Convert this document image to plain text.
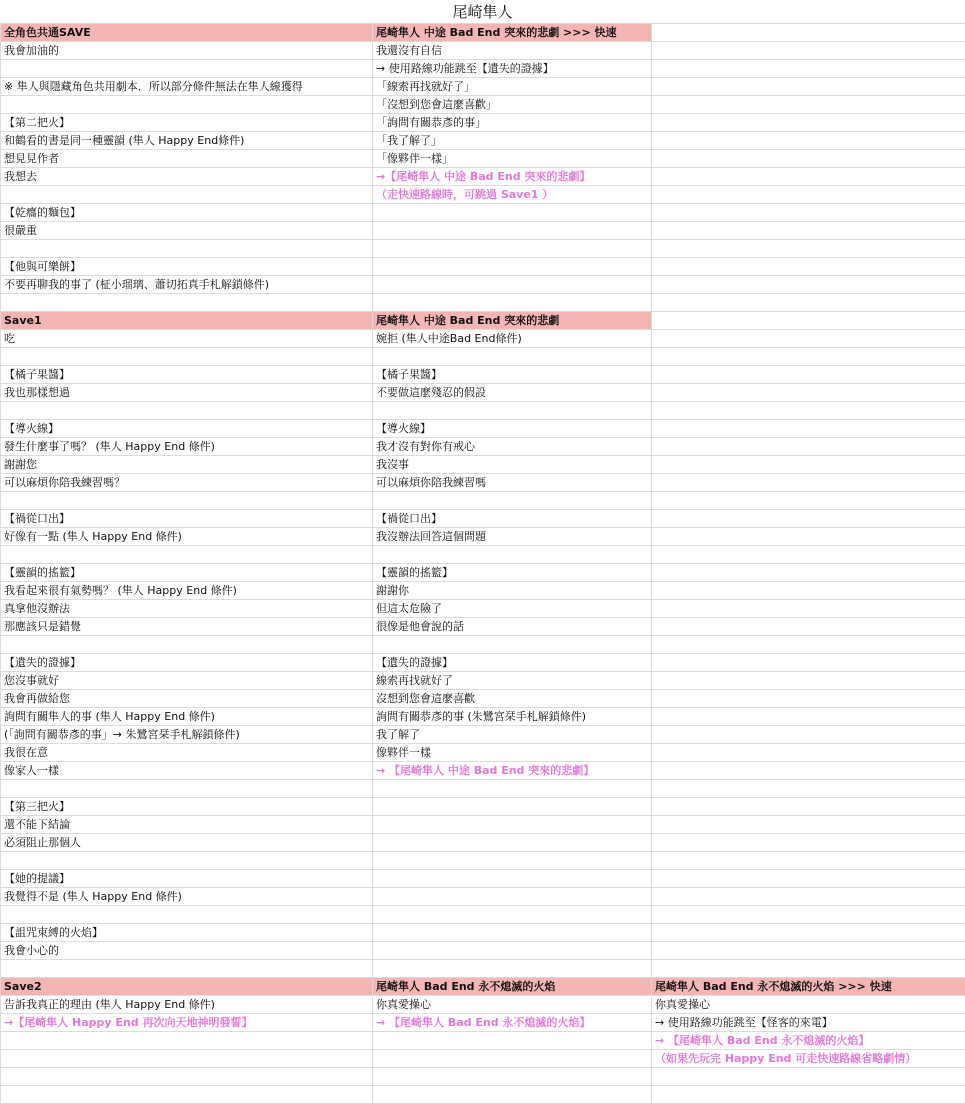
尾崎隼人
全角色共通SAVE	尾崎隼人 中途 Bad End 突來的悲劇 >>> 快速	
我會加油的	我還沒有自信	
	→ 使用路線功能跳至【遺失的證據】	
※ 隼人與隱藏角色共用劇本．所以部分條件無法在隼人線獲得	「線索再找就好了」	
	「沒想到您會這麼喜歡」	
【第二把火】	「詢問有關恭彥的事」	
和鶴看的書是同一種靈韻 (隼人 Happy End條件)	「我了解了」	
想見見作者	「像夥伴一樣」	
我想去	→【尾崎隼人 中途 Bad End 突來的悲劇】	
	（走快速路線時，可跳過 Save1 ）	
【乾癟的麵包】		
很嚴重		

【他與可樂餅】		
不要再聊我的事了 (柾小瑠璃、蕭切拓真手札解鎖條件)		

Save1	尾崎隼人 中途 Bad End 突來的悲劇	
吃	婉拒 (隼人中途Bad End條件)	

【橘子果醬】	【橘子果醬】	
我也那樣想過	不要做這麼殘忍的假設	

【導火線】	【導火線】	
發生什麼事了嗎？ (隼人 Happy End 條件)	我才沒有對你有戒心	
謝謝您	我沒事	
可以麻煩你陪我練習嗎？	可以麻煩你陪我練習嗎	

【禍從口出】	【禍從口出】	
好像有一點 (隼人 Happy End 條件)	我沒辦法回答這個問題	

【靈韻的搖籃】	【靈韻的搖籃】	
我看起來很有氣勢嗎？ (隼人 Happy End 條件)	謝謝你	
真拿他沒辦法	但這太危險了	
那應該只是錯覺	很像是他會說的話	

【遺失的證據】	【遺失的證據】	
您沒事就好	線索再找就好了	
我會再做給您	沒想到您會這麼喜歡	
詢問有關隼人的事 (隼人 Happy End 條件)	詢問有關恭彥的事 (朱鷺宮栞手札解鎖條件)	
(「詢問有關恭彥的事」→ 朱鷺宮栞手札解鎖條件)	我了解了	
我很在意	像夥伴一樣	
像家人一樣	→ 【尾崎隼人 中途 Bad End 突來的悲劇】	

【第三把火】		
還不能下結論		
必須阻止那個人		

【她的提議】		
我覺得不是 (隼人 Happy End 條件)		

【詛咒束縛的火焰】		
我會小心的		

Save2	尾崎隼人 Bad End 永不熄滅的火焰	尾崎隼人 Bad End 永不熄滅的火焰 >>> 快速
告訴我真正的理由 (隼人 Happy End 條件)	你真愛操心	你真愛操心
→【尾崎隼人 Happy End 再次向天地神明發誓】	→ 【尾崎隼人 Bad End 永不熄滅的火焰】	→ 使用路線功能跳至【怪客的來電】
		→ 【尾崎隼人 Bad End 永不熄滅的火焰】
		（如果先玩完 Happy End 可走快速路線省略劇情）
